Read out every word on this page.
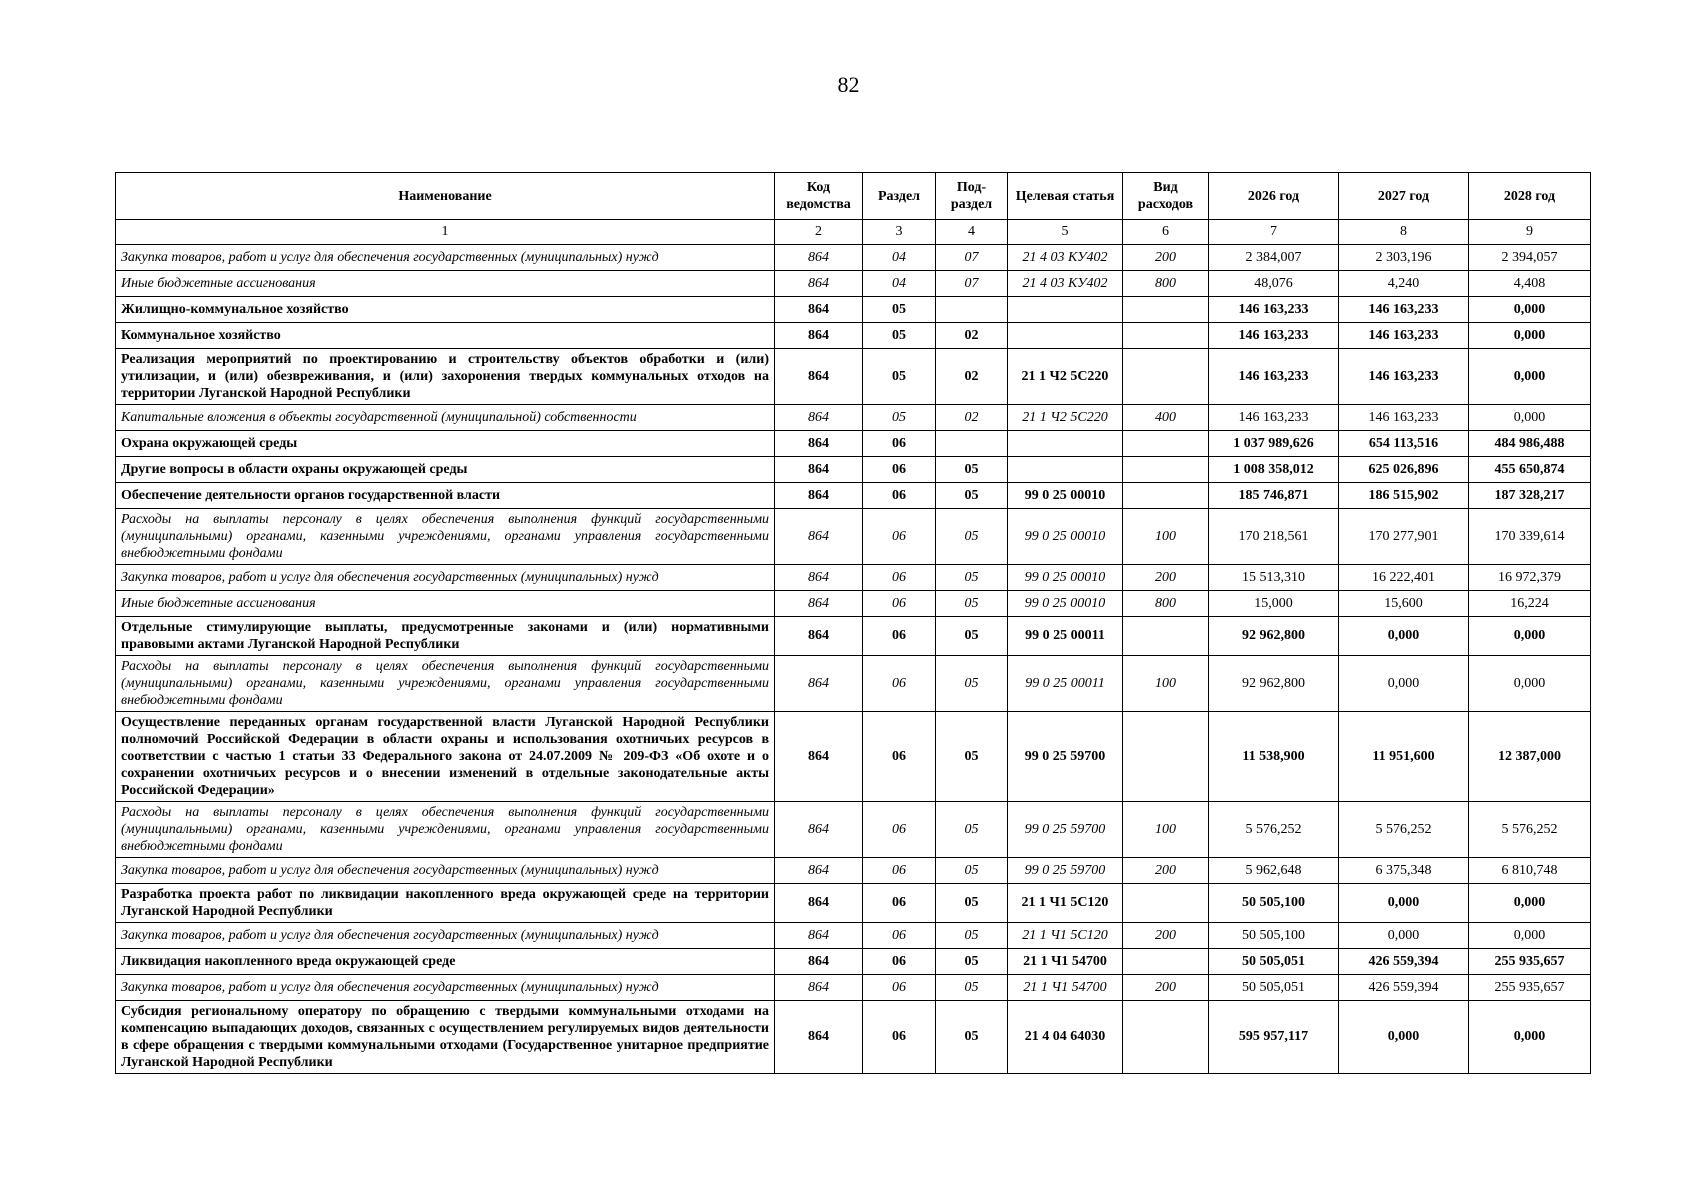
82
Наименование	Код ведомства	Раздел	Под-раздел	Целевая статья	Вид расходов	2026 год	2027 год	2028 год
1	2	3	4	5	6	7	8	9
Закупка товаров, работ и услуг для обеспечения государственных (муниципальных) нужд	864	04	07	21 4 03 КУ402	200	2 384,007	2 303,196	2 394,057
Иные бюджетные ассигнования	864	04	07	21 4 03 КУ402	800	48,076	4,240	4,408
Жилищно-коммунальное хозяйство	864	05				146 163,233	146 163,233	0,000
Коммунальное хозяйство	864	05	02			146 163,233	146 163,233	0,000
Реализация мероприятий по проектированию и строительству объектов обработки и (или) утилизации, и (или) обезвреживания, и (или) захоронения твердых коммунальных отходов на территории Луганской Народной Республики	864	05	02	21 1 Ч2 5С220		146 163,233	146 163,233	0,000
Капитальные вложения в объекты государственной (муниципальной) собственности	864	05	02	21 1 Ч2 5С220	400	146 163,233	146 163,233	0,000
Охрана окружающей среды	864	06				1 037 989,626	654 113,516	484 986,488
Другие вопросы в области охраны окружающей среды	864	06	05			1 008 358,012	625 026,896	455 650,874
Обеспечение деятельности органов государственной власти	864	06	05	99 0 25 00010		185 746,871	186 515,902	187 328,217
Расходы на выплаты персоналу в целях обеспечения выполнения функций государственными (муниципальными) органами, казенными учреждениями, органами управления государственными внебюджетными фондами	864	06	05	99 0 25 00010	100	170 218,561	170 277,901	170 339,614
Закупка товаров, работ и услуг для обеспечения государственных (муниципальных) нужд	864	06	05	99 0 25 00010	200	15 513,310	16 222,401	16 972,379
Иные бюджетные ассигнования	864	06	05	99 0 25 00010	800	15,000	15,600	16,224
Отдельные стимулирующие выплаты, предусмотренные законами и (или) нормативными правовыми актами Луганской Народной Республики	864	06	05	99 0 25 00011		92 962,800	0,000	0,000
Расходы на выплаты персоналу в целях обеспечения выполнения функций государственными (муниципальными) органами, казенными учреждениями, органами управления государственными внебюджетными фондами	864	06	05	99 0 25 00011	100	92 962,800	0,000	0,000
Осуществление переданных органам государственной власти Луганской Народной Республики полномочий Российской Федерации в области охраны и использования охотничьих ресурсов в соответствии с частью 1 статьи 33 Федерального закона от 24.07.2009 № 209-ФЗ «Об охоте и о сохранении охотничьих ресурсов и о внесении изменений в отдельные законодательные акты Российской Федерации»	864	06	05	99 0 25 59700		11 538,900	11 951,600	12 387,000
Расходы на выплаты персоналу в целях обеспечения выполнения функций государственными (муниципальными) органами, казенными учреждениями, органами управления государственными внебюджетными фондами	864	06	05	99 0 25 59700	100	5 576,252	5 576,252	5 576,252
Закупка товаров, работ и услуг для обеспечения государственных (муниципальных) нужд	864	06	05	99 0 25 59700	200	5 962,648	6 375,348	6 810,748
Разработка проекта работ по ликвидации накопленного вреда окружающей среде на территории Луганской Народной Республики	864	06	05	21 1 Ч1 5С120		50 505,100	0,000	0,000
Закупка товаров, работ и услуг для обеспечения государственных (муниципальных) нужд	864	06	05	21 1 Ч1 5С120	200	50 505,100	0,000	0,000
Ликвидация накопленного вреда окружающей среде	864	06	05	21 1 Ч1 54700		50 505,051	426 559,394	255 935,657
Закупка товаров, работ и услуг для обеспечения государственных (муниципальных) нужд	864	06	05	21 1 Ч1 54700	200	50 505,051	426 559,394	255 935,657
Субсидия региональному оператору по обращению с твердыми коммунальными отходами на компенсацию выпадающих доходов, связанных с осуществлением регулируемых видов деятельности в сфере обращения с твердыми коммунальными отходами (Государственное унитарное предприятие Луганской Народной Республики	864	06	05	21 4 04 64030		595 957,117	0,000	0,000
